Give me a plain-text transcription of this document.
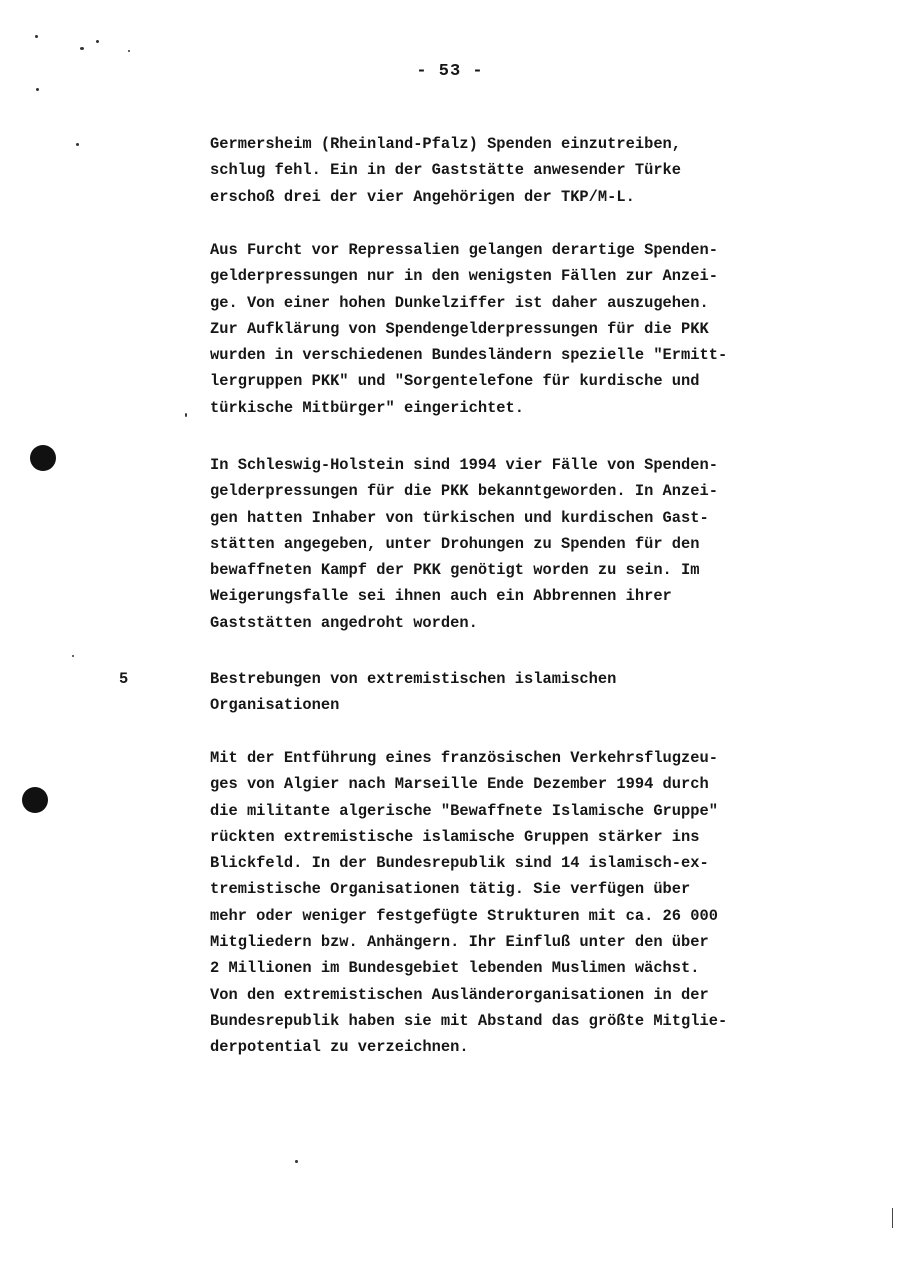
- 53 -
Germersheim (Rheinland-Pfalz) Spenden einzutreiben,
schlug fehl. Ein in der Gaststätte anwesender Türke
erschoß drei der vier Angehörigen der TKP/M-L.
Aus Furcht vor Repressalien gelangen derartige Spenden-
gelderpressungen nur in den wenigsten Fällen zur Anzei-
ge. Von einer hohen Dunkelziffer ist daher auszugehen.
Zur Aufklärung von Spendengelderpressungen für die PKK
wurden in verschiedenen Bundesländern spezielle "Ermitt-
lergruppen PKK" und "Sorgentelefone für kurdische und
türkische Mitbürger" eingerichtet.
In Schleswig-Holstein sind 1994 vier Fälle von Spenden-
gelderpressungen für die PKK bekanntgeworden. In Anzei-
gen hatten Inhaber von türkischen und kurdischen Gast-
stätten angegeben, unter Drohungen zu Spenden für den
bewaffneten Kampf der PKK genötigt worden zu sein. Im
Weigerungsfalle sei ihnen auch ein Abbrennen ihrer
Gaststätten angedroht worden.
5	Bestrebungen von extremistischen islamischen
Organisationen
Mit der Entführung eines französischen Verkehrsflugzeu-
ges von Algier nach Marseille Ende Dezember 1994 durch
die militante algerische "Bewaffnete Islamische Gruppe"
rückten extremistische islamische Gruppen stärker ins
Blickfeld. In der Bundesrepublik sind 14 islamisch-ex-
tremistische Organisationen tätig. Sie verfügen über
mehr oder weniger festgefügte Strukturen mit ca. 26 000
Mitgliedern bzw. Anhängern. Ihr Einfluß unter den über
2 Millionen im Bundesgebiet lebenden Muslimen wächst.
Von den extremistischen Ausländerorganisationen in der
Bundesrepublik haben sie mit Abstand das größte Mitglie-
derpotential zu verzeichnen.
